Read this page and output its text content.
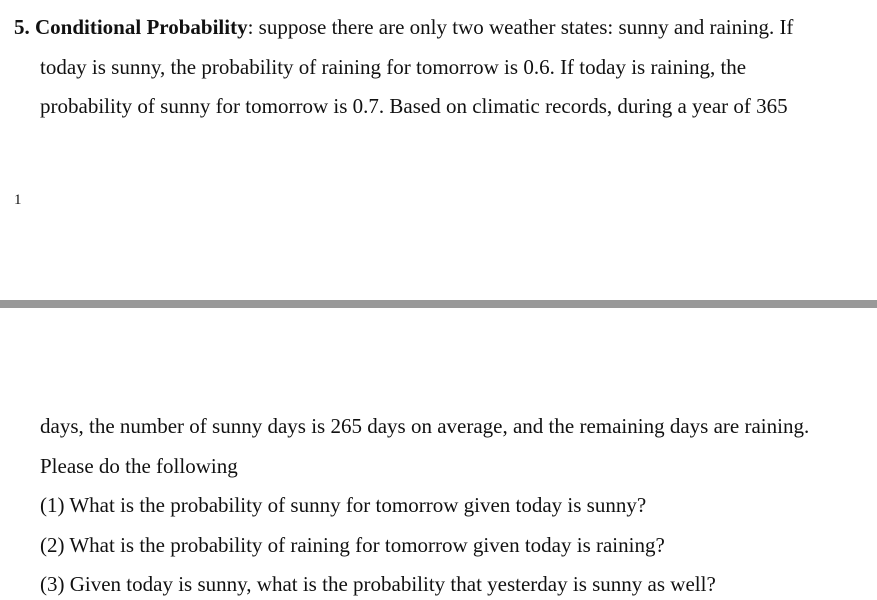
5. Conditional Probability: suppose there are only two weather states: sunny and raining. If
today is sunny, the probability of raining for tomorrow is 0.6. If today is raining, the
probability of sunny for tomorrow is 0.7. Based on climatic records, during a year of 365
1
days, the number of sunny days is 265 days on average, and the remaining days are raining.
Please do the following
(1) What is the probability of sunny for tomorrow given today is sunny?
(2) What is the probability of raining for tomorrow given today is raining?
(3) Given today is sunny, what is the probability that yesterday is sunny as well?
